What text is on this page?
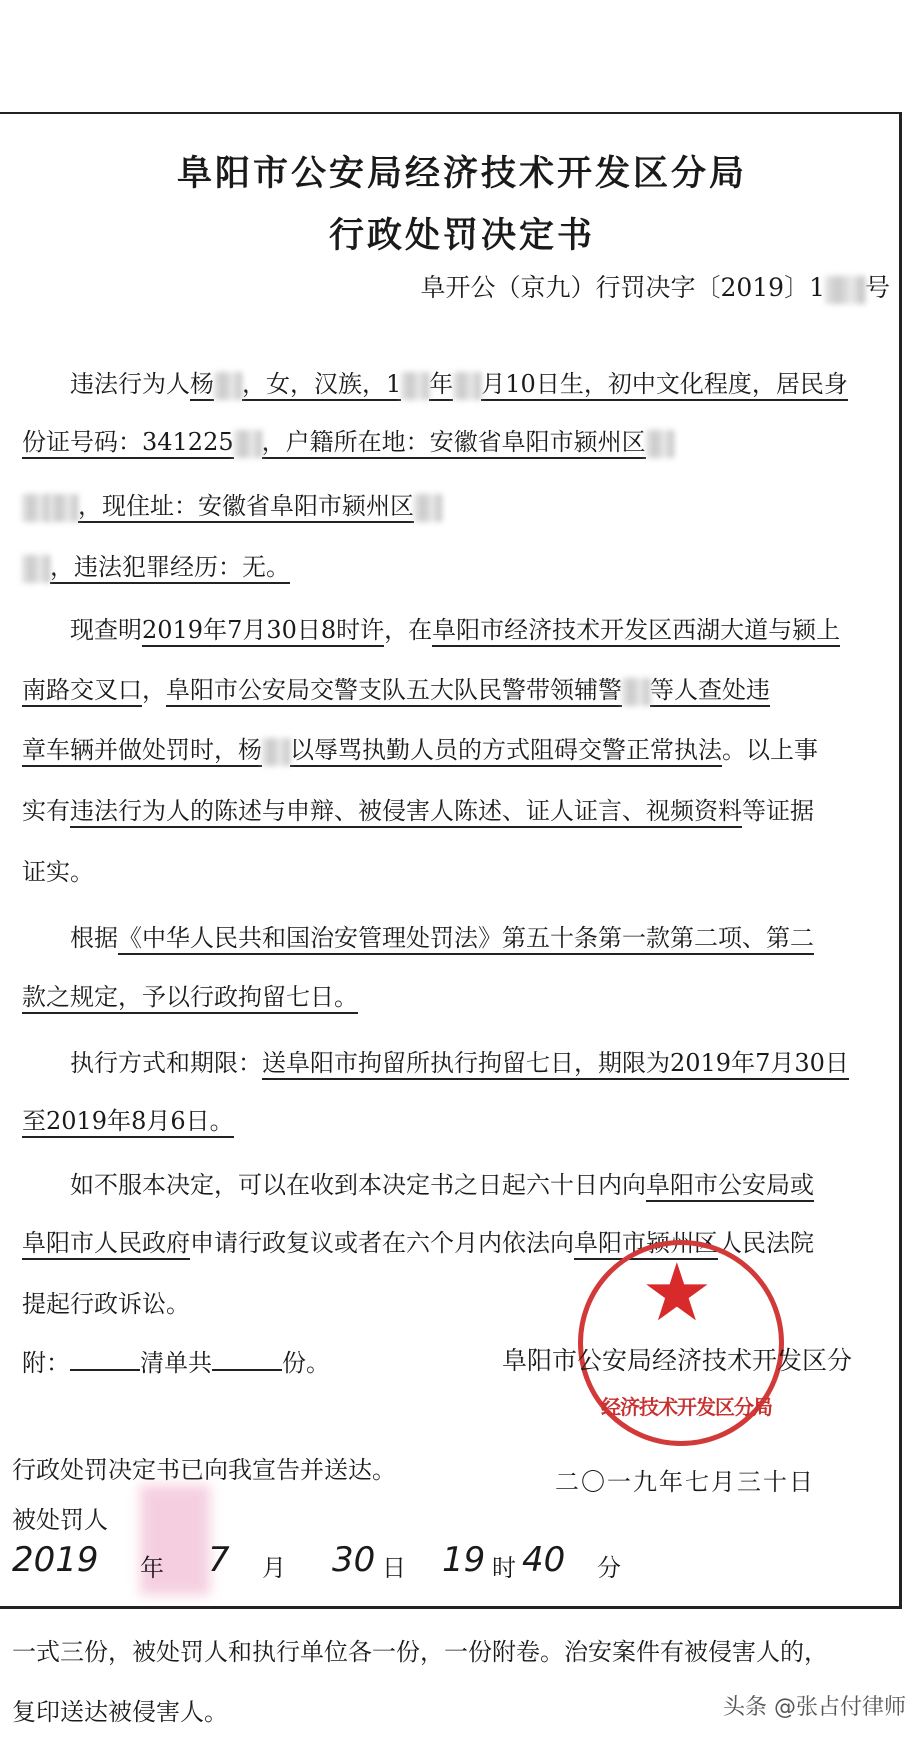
阜阳市公安局经济技术开发区分局
行政处罚决定书
阜开公（京九）行罚决字〔2019〕1 号
　　违法行为人杨 ，女，汉族，1 年 月10日生，初中文化程度，居民身
份证号码：341225 ，户籍所在地：安徽省阜阳市颍州区
，现住址：安徽省阜阳市颍州区
，违法犯罪经历：无。
　　现查明2019年7月30日8时许，在阜阳市经济技术开发区西湖大道与颍上
南路交叉口，阜阳市公安局交警支队五大队民警带领辅警 等人查处违
章车辆并做处罚时，杨 以辱骂执勤人员的方式阻碍交警正常执法。以上事
实有违法行为人的陈述与申辩、被侵害人陈述、证人证言、视频资料等证据
证实。
　　根据《中华人民共和国治安管理处罚法》第五十条第一款第二项、第二
款之规定，予以行政拘留七日。
　　执行方式和期限：送阜阳市拘留所执行拘留七日，期限为2019年7月30日
至2019年8月6日。
　　如不服本决定，可以在收到本决定书之日起六十日内向阜阳市公安局或
阜阳市人民政府申请行政复议或者在六个月内依法向阜阳市颍州区人民法院
提起行政诉讼。
附：	清单共	份。
★
经济技术开发区分局
阜阳市公安局经济技术开发区分
二〇一九年七月三十日
行政处罚决定书已向我宣告并送达。
被处罚人
2019 年 7 月 30 日 19 时 40 分
一式三份，被处罚人和执行单位各一份，一份附卷。治安案件有被侵害人的，
复印送达被侵害人。	头条 @张占付律师
